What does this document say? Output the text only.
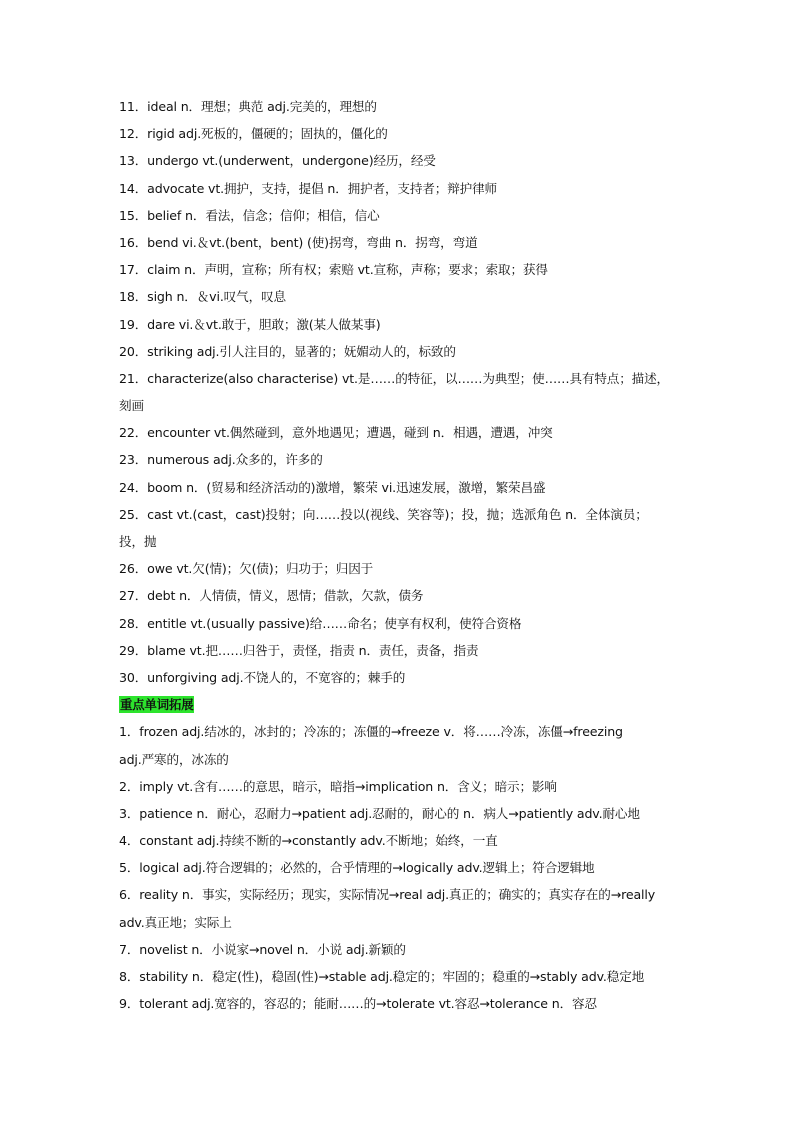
11．ideal n．理想；典范 adj.完美的，理想的
12．rigid adj.死板的，僵硬的；固执的，僵化的
13．undergo vt.(underwent，undergone)经历，经受
14．advocate vt.拥护，支持，提倡 n．拥护者，支持者；辩护律师
15．belief n．看法，信念；信仰；相信，信心
16．bend vi.＆vt.(bent，bent) (使)拐弯，弯曲 n．拐弯，弯道
17．claim n．声明，宣称；所有权；索赔 vt.宣称，声称；要求；索取；获得
18．sigh n．＆vi.叹气，叹息
19．dare vi.＆vt.敢于，胆敢；激(某人做某事)
20．striking adj.引人注目的，显著的；妩媚动人的，标致的
21．characterize(also characterise) vt.是……的特征，以……为典型；使……具有特点；描述，
刻画
22．encounter vt.偶然碰到，意外地遇见；遭遇，碰到 n．相遇，遭遇，冲突
23．numerous adj.众多的，许多的
24．boom n．(贸易和经济活动的)激增，繁荣 vi.迅速发展，激增，繁荣昌盛
25．cast vt.(cast，cast)投射；向……投以(视线、笑容等)；投，抛；选派角色 n．全体演员；
投，抛
26．owe vt.欠(情)；欠(债)；归功于；归因于
27．debt n．人情债，情义，恩情；借款，欠款，债务
28．entitle vt.(usually passive)给……命名；使享有权利，使符合资格
29．blame vt.把……归咎于，责怪，指责 n．责任，责备，指责
30．unforgiving adj.不饶人的，不宽容的；棘手的
重点单词拓展
1．frozen adj.结冰的，冰封的；冷冻的；冻僵的→freeze v．将……冷冻，冻僵→freezing
adj.严寒的，冰冻的
2．imply vt.含有……的意思，暗示，暗指→implication n．含义；暗示；影响
3．patience n．耐心，忍耐力→patient adj.忍耐的，耐心的 n．病人→patiently adv.耐心地
4．constant adj.持续不断的→constantly adv.不断地；始终，一直
5．logical adj.符合逻辑的；必然的，合乎情理的→logically adv.逻辑上；符合逻辑地
6．reality n．事实，实际经历；现实，实际情况→real adj.真正的；确实的；真实存在的→really
adv.真正地；实际上
7．novelist n．小说家→novel n．小说 adj.新颖的
8．stability n．稳定(性)，稳固(性)→stable adj.稳定的；牢固的；稳重的→stably adv.稳定地
9．tolerant adj.宽容的，容忍的；能耐……的→tolerate vt.容忍→tolerance n．容忍
